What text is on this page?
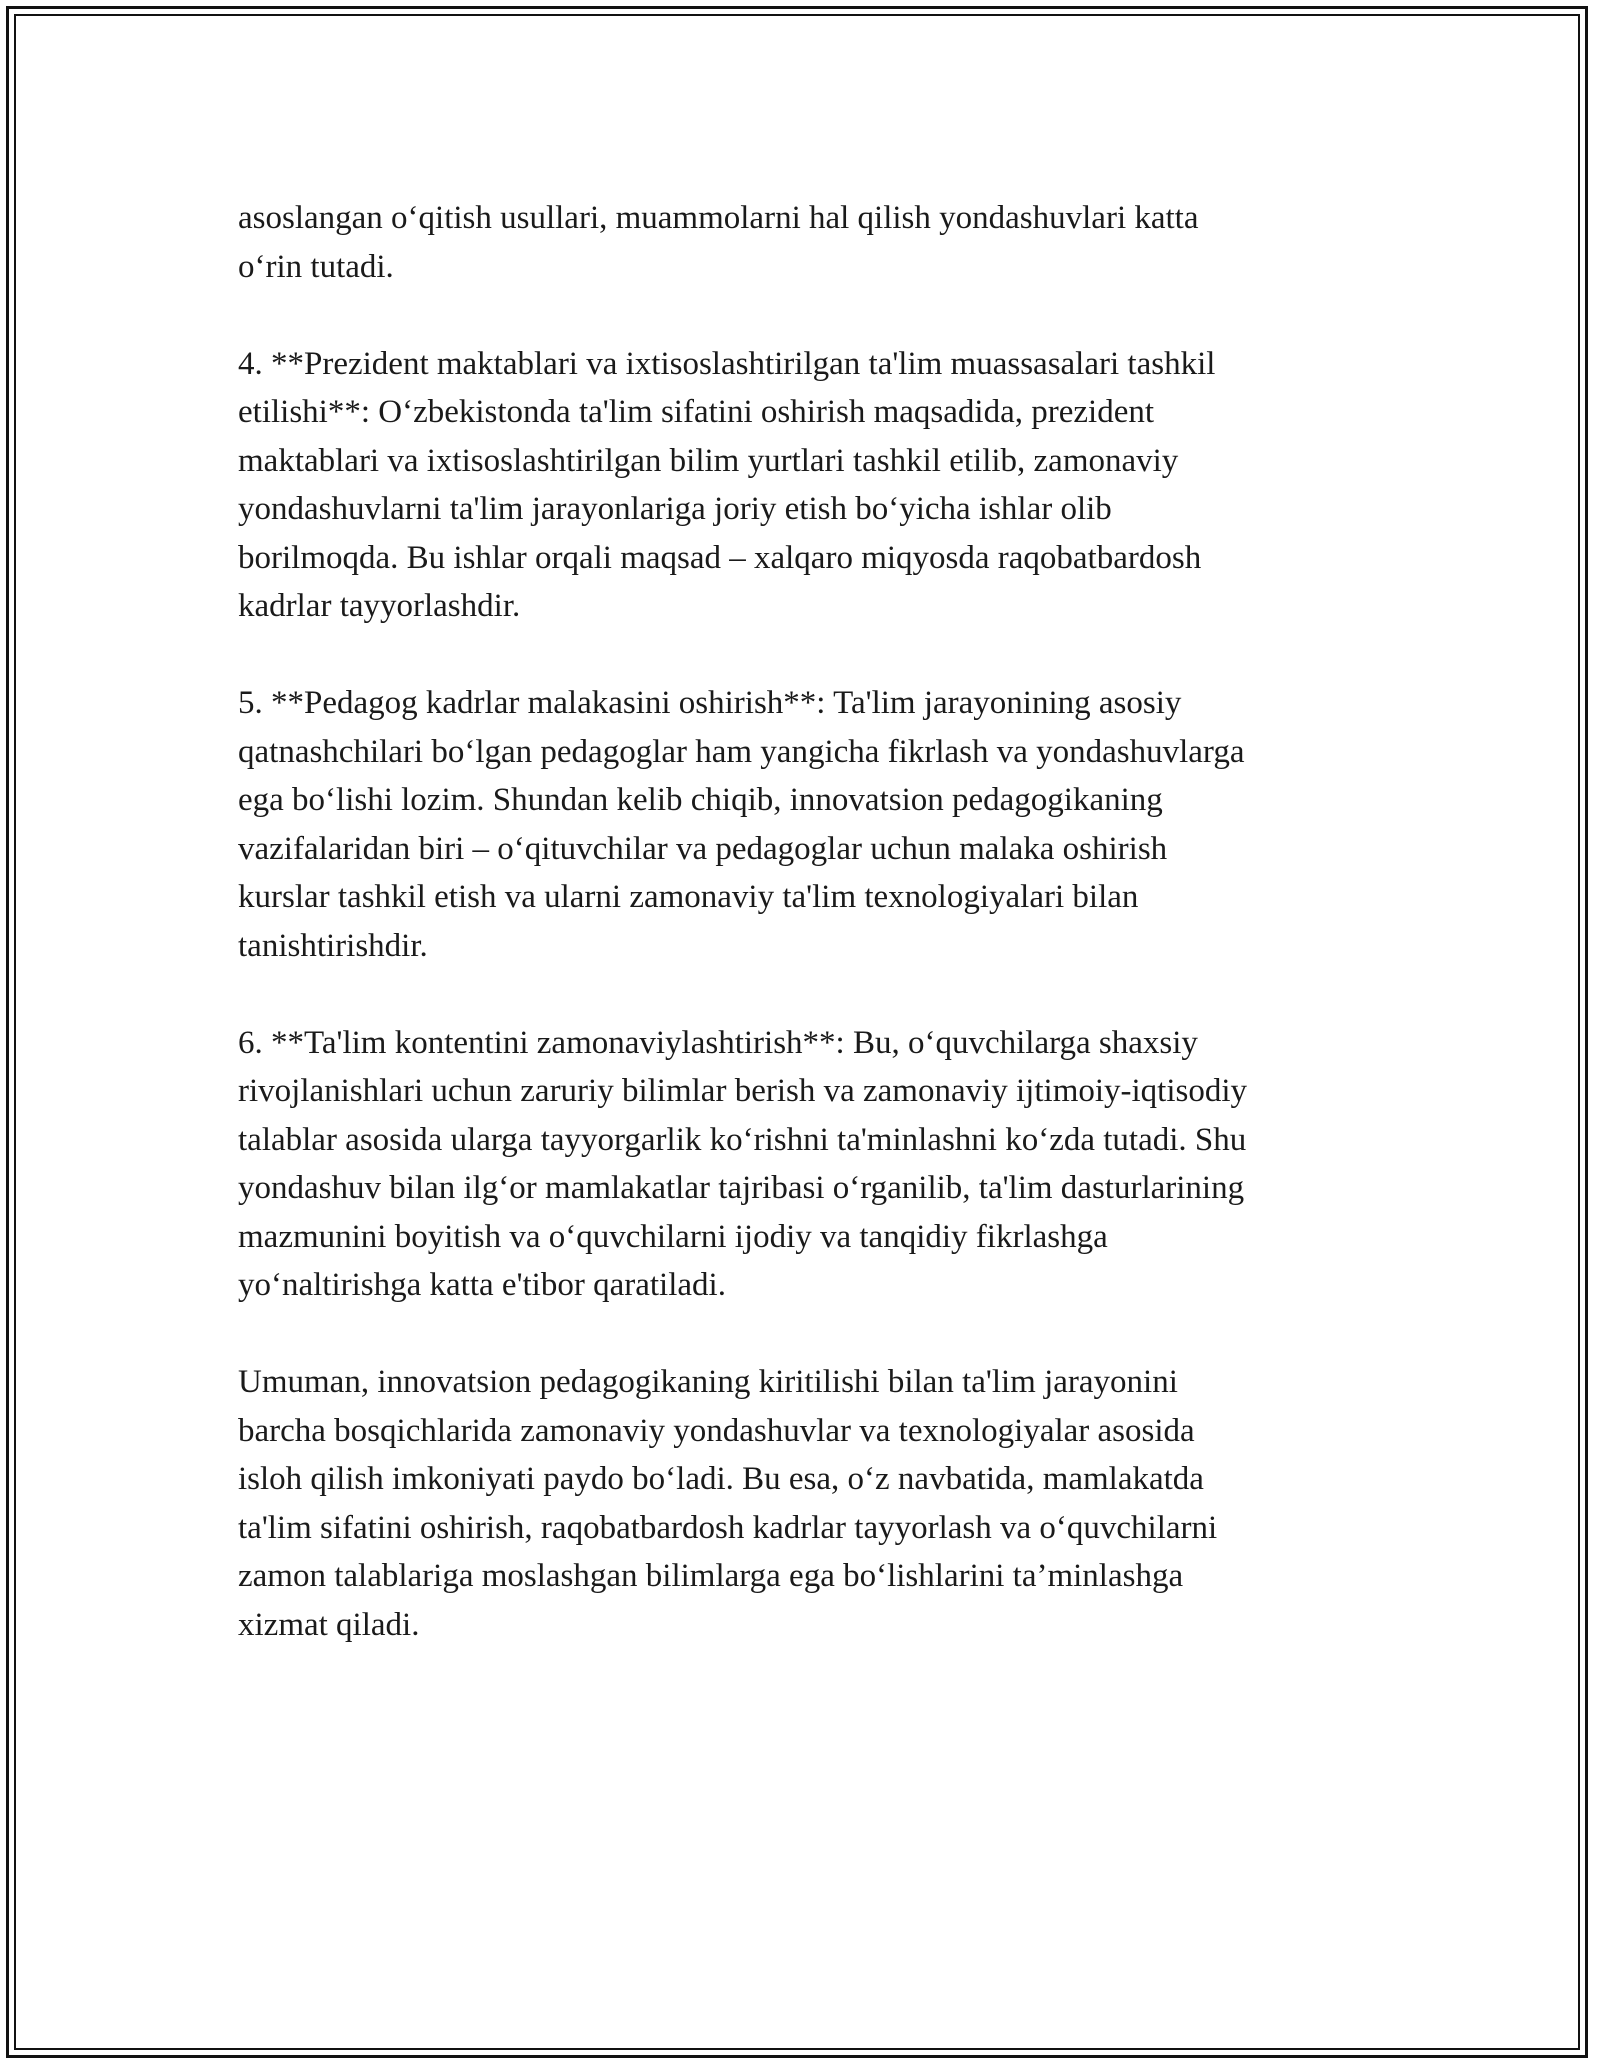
asoslangan o‘qitish usullari, muammolarni hal qilish yondashuvlari katta
o‘rin tutadi.

4. **Prezident maktablari va ixtisoslashtirilgan ta'lim muassasalari tashkil
etilishi**: O‘zbekistonda ta'lim sifatini oshirish maqsadida, prezident
maktablari va ixtisoslashtirilgan bilim yurtlari tashkil etilib, zamonaviy
yondashuvlarni ta'lim jarayonlariga joriy etish bo‘yicha ishlar olib
borilmoqda. Bu ishlar orqali maqsad – xalqaro miqyosda raqobatbardosh
kadrlar tayyorlashdir.

5. **Pedagog kadrlar malakasini oshirish**: Ta'lim jarayonining asosiy
qatnashchilari bo‘lgan pedagoglar ham yangicha fikrlash va yondashuvlarga
ega bo‘lishi lozim. Shundan kelib chiqib, innovatsion pedagogikaning
vazifalaridan biri – o‘qituvchilar va pedagoglar uchun malaka oshirish
kurslar tashkil etish va ularni zamonaviy ta'lim texnologiyalari bilan
tanishtirishdir.

6. **Ta'lim kontentini zamonaviylashtirish**: Bu, o‘quvchilarga shaxsiy
rivojlanishlari uchun zaruriy bilimlar berish va zamonaviy ijtimoiy-iqtisodiy
talablar asosida ularga tayyorgarlik ko‘rishni ta'minlashni ko‘zda tutadi. Shu
yondashuv bilan ilg‘or mamlakatlar tajribasi o‘rganilib, ta'lim dasturlarining
mazmunini boyitish va o‘quvchilarni ijodiy va tanqidiy fikrlashga
yo‘naltirishga katta e'tibor qaratiladi.

Umuman, innovatsion pedagogikaning kiritilishi bilan ta'lim jarayonini
barcha bosqichlarida zamonaviy yondashuvlar va texnologiyalar asosida
isloh qilish imkoniyati paydo bo‘ladi. Bu esa, o‘z navbatida, mamlakatda
ta'lim sifatini oshirish, raqobatbardosh kadrlar tayyorlash va o‘quvchilarni
zamon talablariga moslashgan bilimlarga ega bo‘lishlarini ta’minlashga
xizmat qiladi.
